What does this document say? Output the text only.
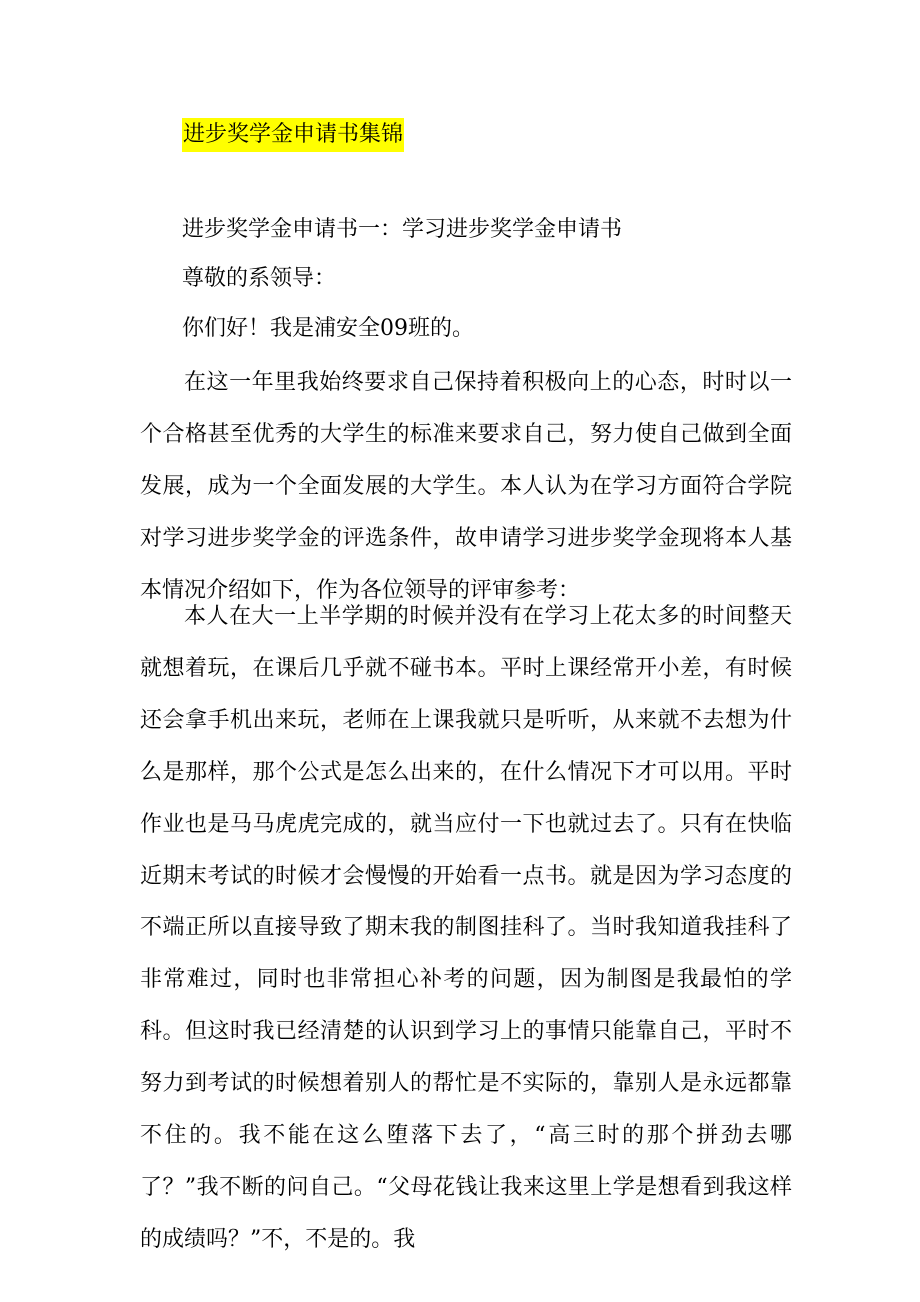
进步奖学金申请书集锦
进步奖学金申请书一：学习进步奖学金申请书
尊敬的系领导：
你们好！我是浦安全09班的。

在这一年里我始终要求自己保持着积极向上的心态，时时以一个合格甚至优秀的大学生的标准来要求自己，努力使自己做到全面发展，成为一个全面发展的大学生。本人认为在学习方面符合学院对学习进步奖学金的评选条件，故申请学习进步奖学金现将本人基本情况介绍如下，作为各位领导的评审参考：

本人在大一上半学期的时候并没有在学习上花太多的时间整天就想着玩，在课后几乎就不碰书本。平时上课经常开小差，有时候还会拿手机出来玩，老师在上课我就只是听听，从来就不去想为什么是那样，那个公式是怎么出来的，在什么情况下才可以用。平时作业也是马马虎虎完成的，就当应付一下也就过去了。只有在快临近期末考试的时候才会慢慢的开始看一点书。就是因为学习态度的不端正所以直接导致了期末我的制图挂科了。当时我知道我挂科了非常难过，同时也非常担心补考的问题，因为制图是我最怕的学科。但这时我已经清楚的认识到学习上的事情只能靠自己，平时不努力到考试的时候想着别人的帮忙是不实际的，靠别人是永远都靠不住的。我不能在这么堕落下去了，“高三时的那个拼劲去哪了？”我不断的问自己。“父母花钱让我来这里上学是想看到我这样的成绩吗？”不，不是的。我
